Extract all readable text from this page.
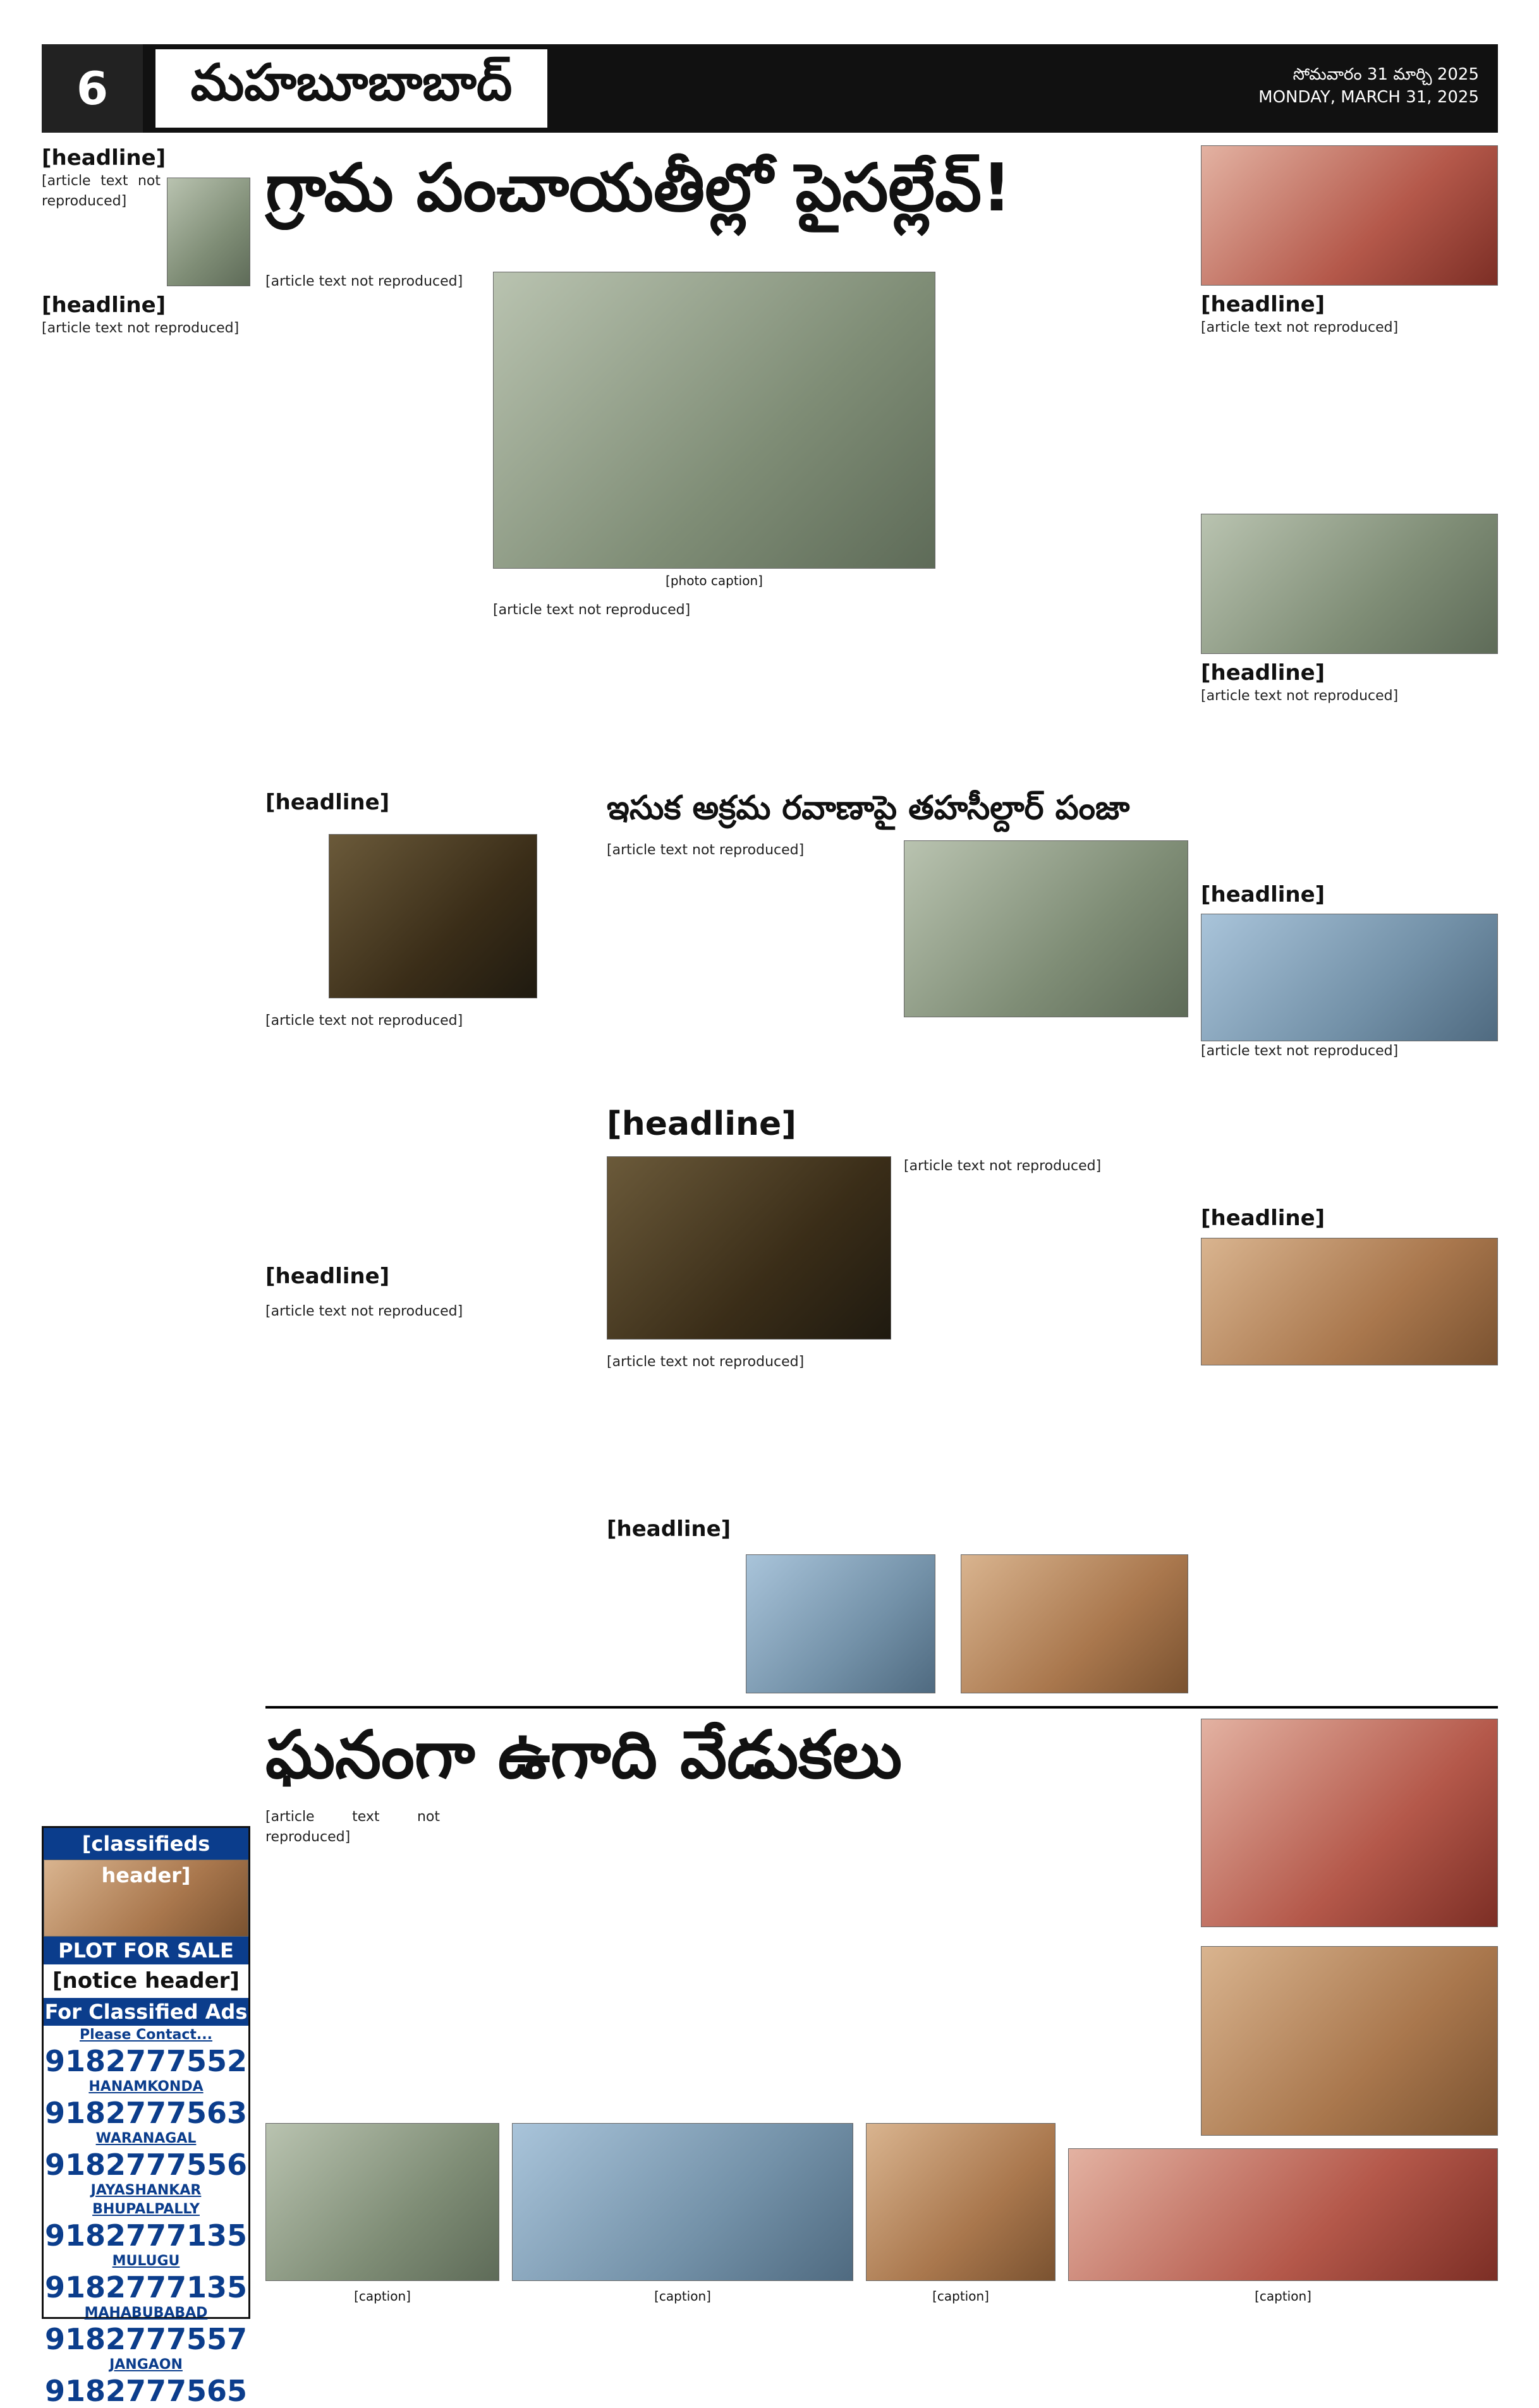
6	మహబూబాబాద్	సోమవారం 31 మార్చి 2025
MONDAY, MARCH 31, 2025
[headline]
[article text not reproduced]
[headline]
[article text not reproduced]
[classifieds header]
PLOT FOR SALE
[notice header]
For Classified Ads
Please Contact...
9182777552
HANAMKONDA
9182777563
WARANAGAL
9182777556
JAYASHANKAR BHUPALPALLY
9182777135
MULUGU
9182777135
MAHABUBABAD
9182777557
JANGAON
9182777565
గ్రామ పంచాయతీల్లో పైసల్లేవ్!
[photo caption]
[article text not reproduced]
[article text not reproduced]
[headline]
[article text not reproduced]
[headline]
[article text not reproduced]
ఇసుక అక్రమ రవాణాపై తహసీల్దార్ పంజా
[article text not reproduced]
[headline]
[article text not reproduced]
[article text not reproduced]
[headline]
[headline]
[article text not reproduced]
[headline]
[article text not reproduced]
[headline]
[article text not reproduced]
[headline]
ఘనంగా ఉగాది వేడుకలు
[article text not reproduced]
[caption]	[caption]	[caption]	[caption]
